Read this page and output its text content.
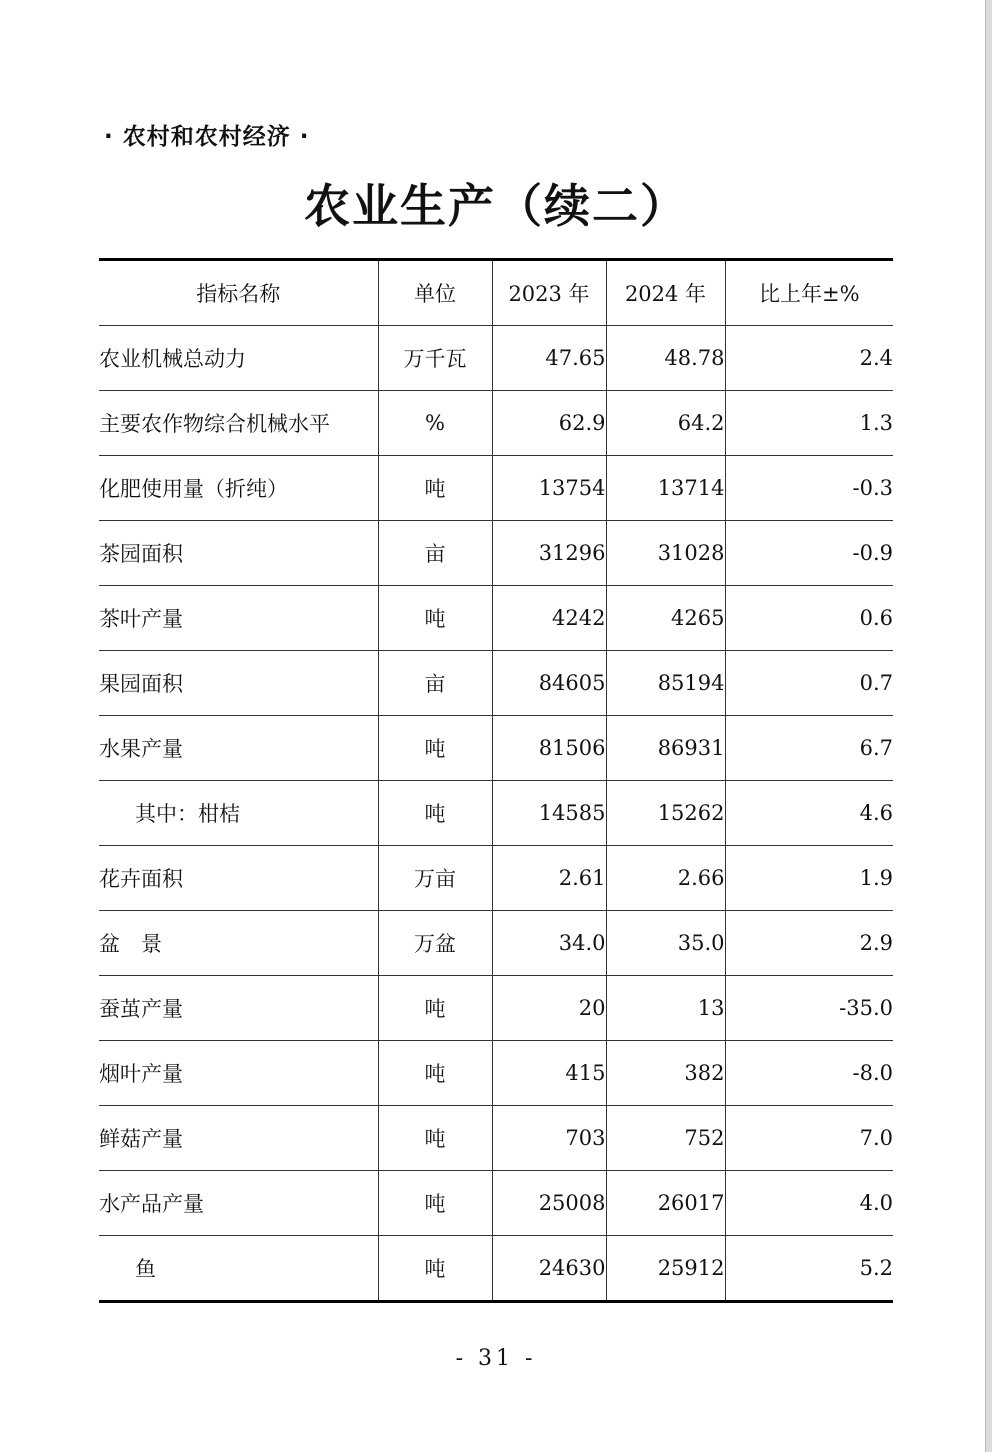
· 农村和农村经济 ·
农业生产（续二）
指标名称	单位	2023 年	2024 年	比上年±%
农业机械总动力	万千瓦	47.65	48.78	2.4
主要农作物综合机械水平	%	62.9	64.2	1.3
化肥使用量（折纯）	吨	13754	13714	-0.3
茶园面积	亩	31296	31028	-0.9
茶叶产量	吨	4242	4265	0.6
果园面积	亩	84605	85194	0.7
水果产量	吨	81506	86931	6.7
其中：柑桔	吨	14585	15262	4.6
花卉面积	万亩	2.61	2.66	1.9
盆　景	万盆	34.0	35.0	2.9
蚕茧产量	吨	20	13	-35.0
烟叶产量	吨	415	382	-8.0
鲜菇产量	吨	703	752	7.0
水产品产量	吨	25008	26017	4.0
鱼	吨	24630	25912	5.2
- 31 -
